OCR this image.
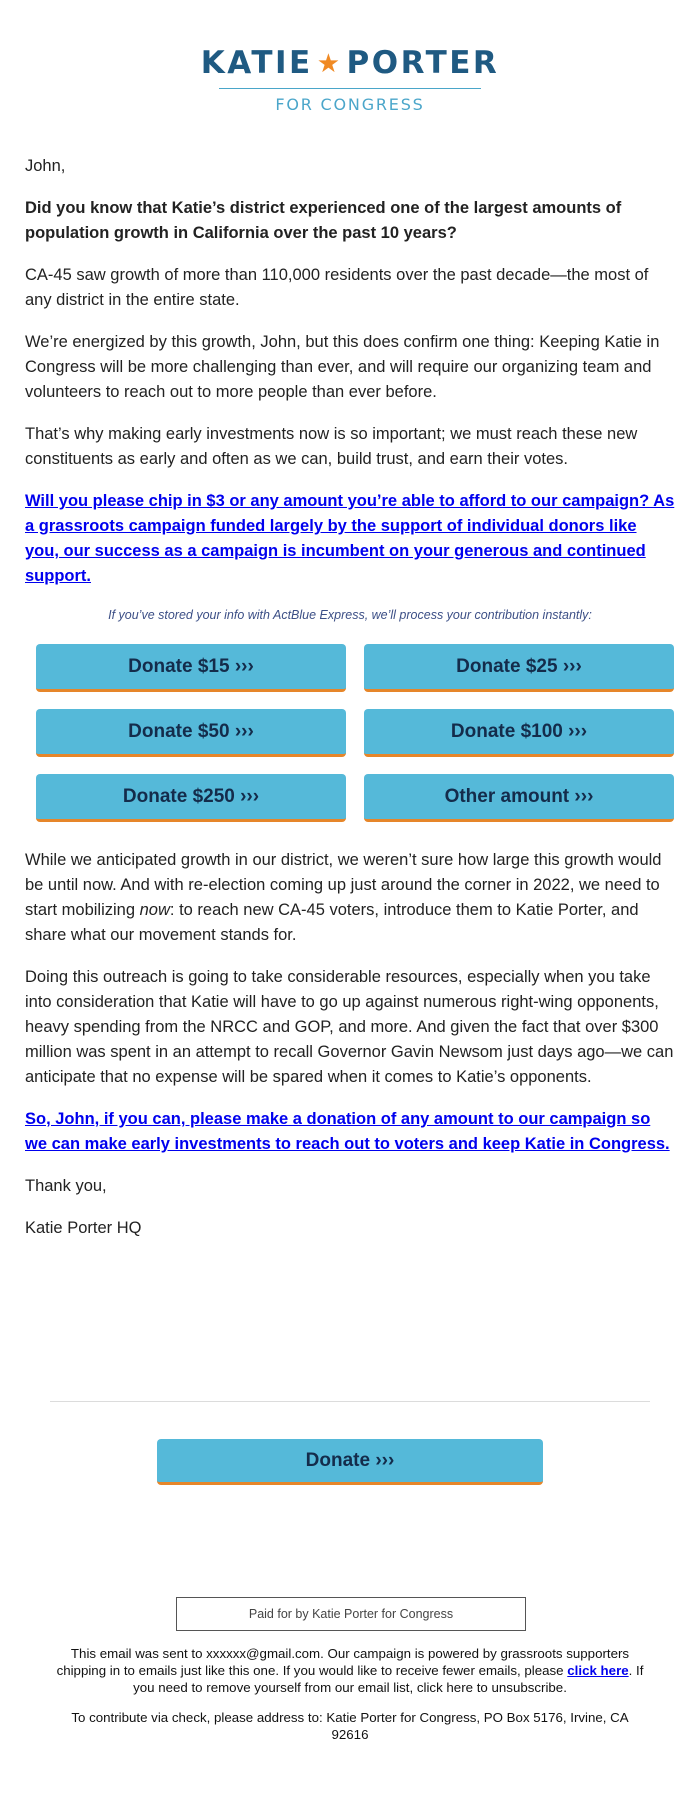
KATIE ★ PORTER
FOR CONGRESS

John,

Did you know that Katie’s district experienced one of the largest amounts of population growth in California over the past 10 years?

CA-45 saw growth of more than 110,000 residents over the past decade—the most of any district in the entire state.

We’re energized by this growth, John, but this does confirm one thing: Keeping Katie in Congress will be more challenging than ever, and will require our organizing team and volunteers to reach out to more people than ever before.

That’s why making early investments now is so important; we must reach these new constituents as early and often as we can, build trust, and earn their votes.

Will you please chip in $3 or any amount you’re able to afford to our campaign? As a grassroots campaign funded largely by the support of individual donors like you, our success as a campaign is incumbent on your generous and continued support.

If you’ve stored your info with ActBlue Express, we’ll process your contribution instantly:

Donate $15 ›››	Donate $25 ›››
Donate $50 ›››	Donate $100 ›››
Donate $250 ›››	Other amount ›››

While we anticipated growth in our district, we weren’t sure how large this growth would be until now. And with re-election coming up just around the corner in 2022, we need to start mobilizing now: to reach new CA-45 voters, introduce them to Katie Porter, and share what our movement stands for.

Doing this outreach is going to take considerable resources, especially when you take into consideration that Katie will have to go up against numerous right-wing opponents, heavy spending from the NRCC and GOP, and more. And given the fact that over $300 million was spent in an attempt to recall Governor Gavin Newsom just days ago—we can anticipate that no expense will be spared when it comes to Katie’s opponents.

So, John, if you can, please make a donation of any amount to our campaign so we can make early investments to reach out to voters and keep Katie in Congress.

Thank you,

Katie Porter HQ

Donate ›››
Paid for by Katie Porter for Congress

This email was sent to xxxxxx@gmail.com. Our campaign is powered by grassroots supporters chipping in to emails just like this one. If you would like to receive fewer emails, please click here. If you need to remove yourself from our email list, click here to unsubscribe.

To contribute via check, please address to: Katie Porter for Congress, PO Box 5176, Irvine, CA 92616
